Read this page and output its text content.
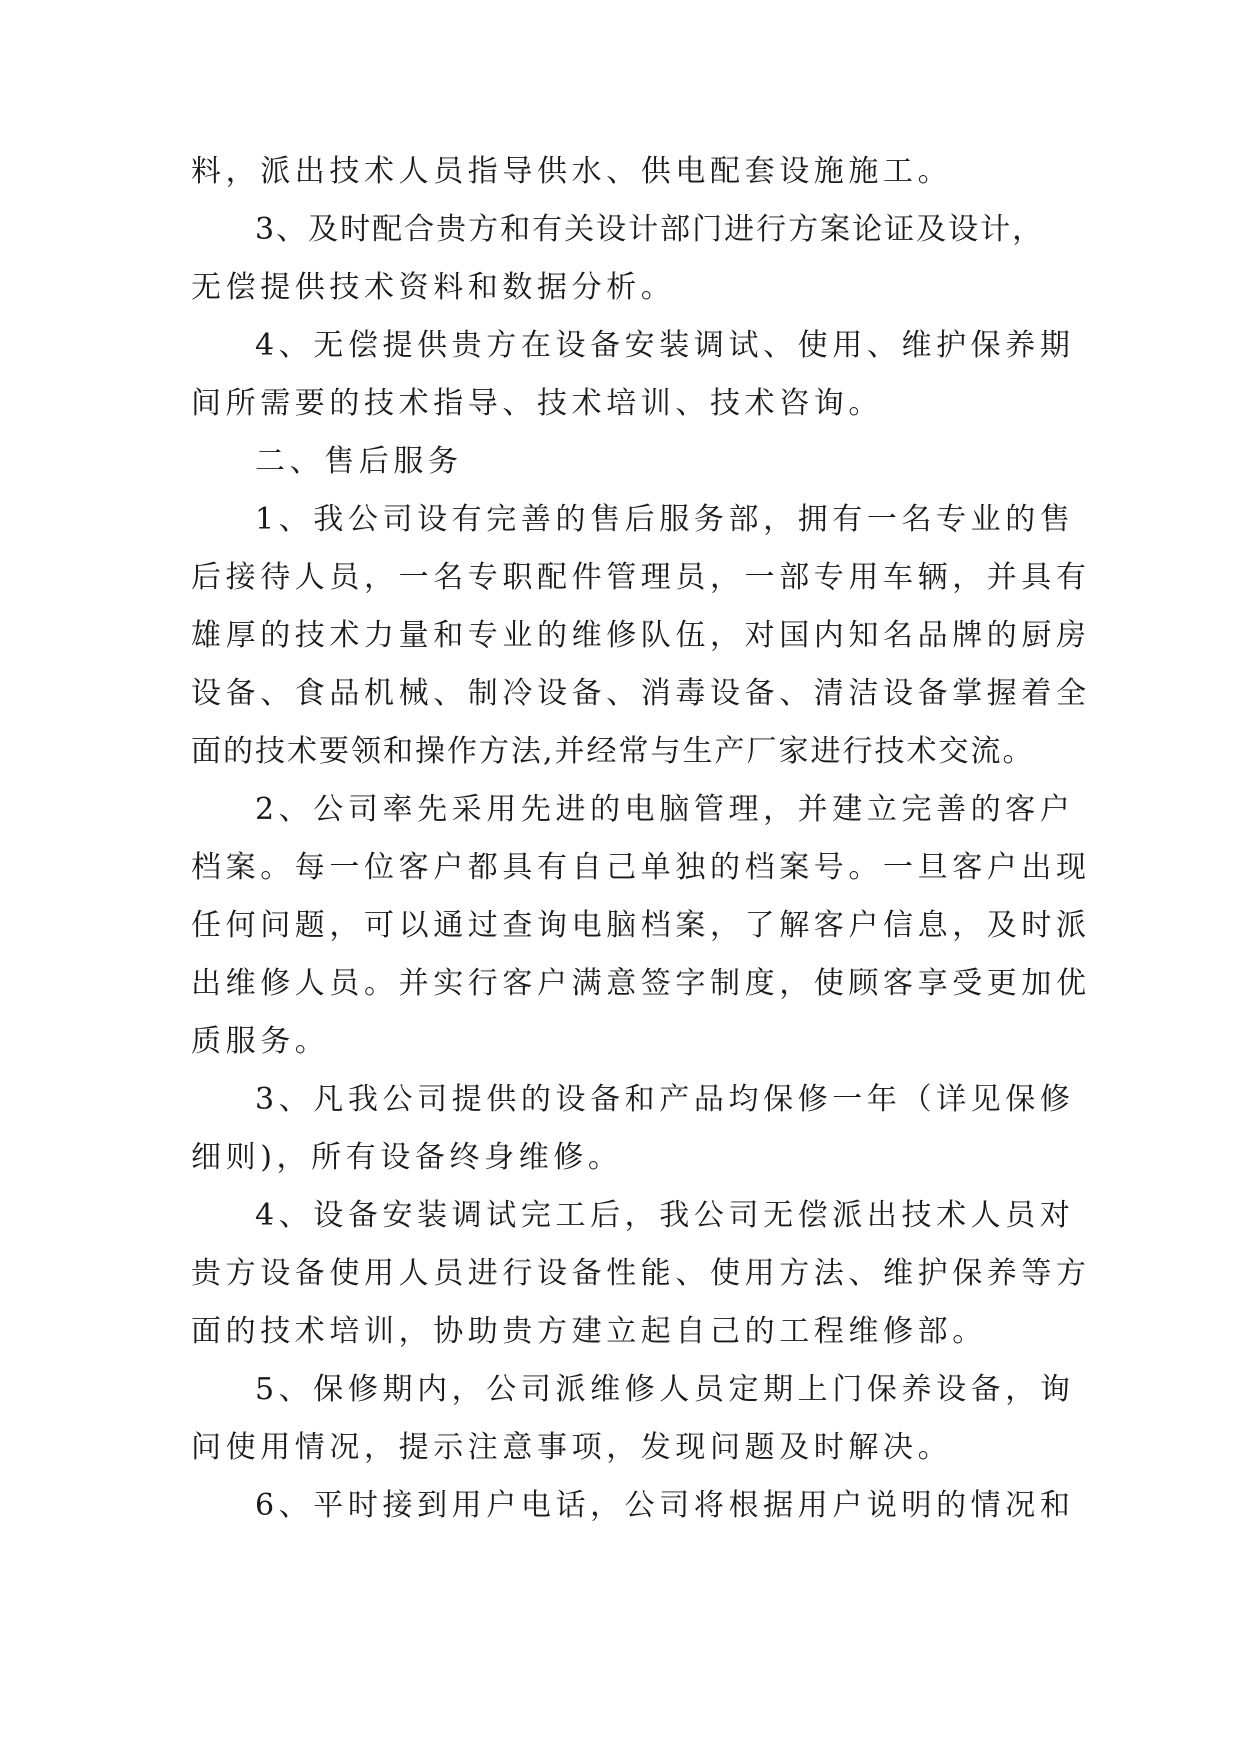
料，派出技术人员指导供水、供电配套设施施工。
3、及时配合贵方和有关设计部门进行方案论证及设计，
无偿提供技术资料和数据分析。
4、无偿提供贵方在设备安装调试、使用、维护保养期
间所需要的技术指导、技术培训、技术咨询。
二、售后服务
1、我公司设有完善的售后服务部，拥有一名专业的售
后接待人员，一名专职配件管理员，一部专用车辆，并具有
雄厚的技术力量和专业的维修队伍，对国内知名品牌的厨房
设备、食品机械、制冷设备、消毒设备、清洁设备掌握着全
面的技术要领和操作方法,并经常与生产厂家进行技术交流。
2、公司率先采用先进的电脑管理，并建立完善的客户
档案。每一位客户都具有自己单独的档案号。一旦客户出现
任何问题，可以通过查询电脑档案，了解客户信息，及时派
出维修人员。并实行客户满意签字制度，使顾客享受更加优
质服务。
3、凡我公司提供的设备和产品均保修一年（详见保修
细则)，所有设备终身维修。
4、设备安装调试完工后，我公司无偿派出技术人员对
贵方设备使用人员进行设备性能、使用方法、维护保养等方
面的技术培训，协助贵方建立起自己的工程维修部。
5、保修期内，公司派维修人员定期上门保养设备，询
问使用情况，提示注意事项，发现问题及时解决。
6、平时接到用户电话，公司将根据用户说明的情况和
